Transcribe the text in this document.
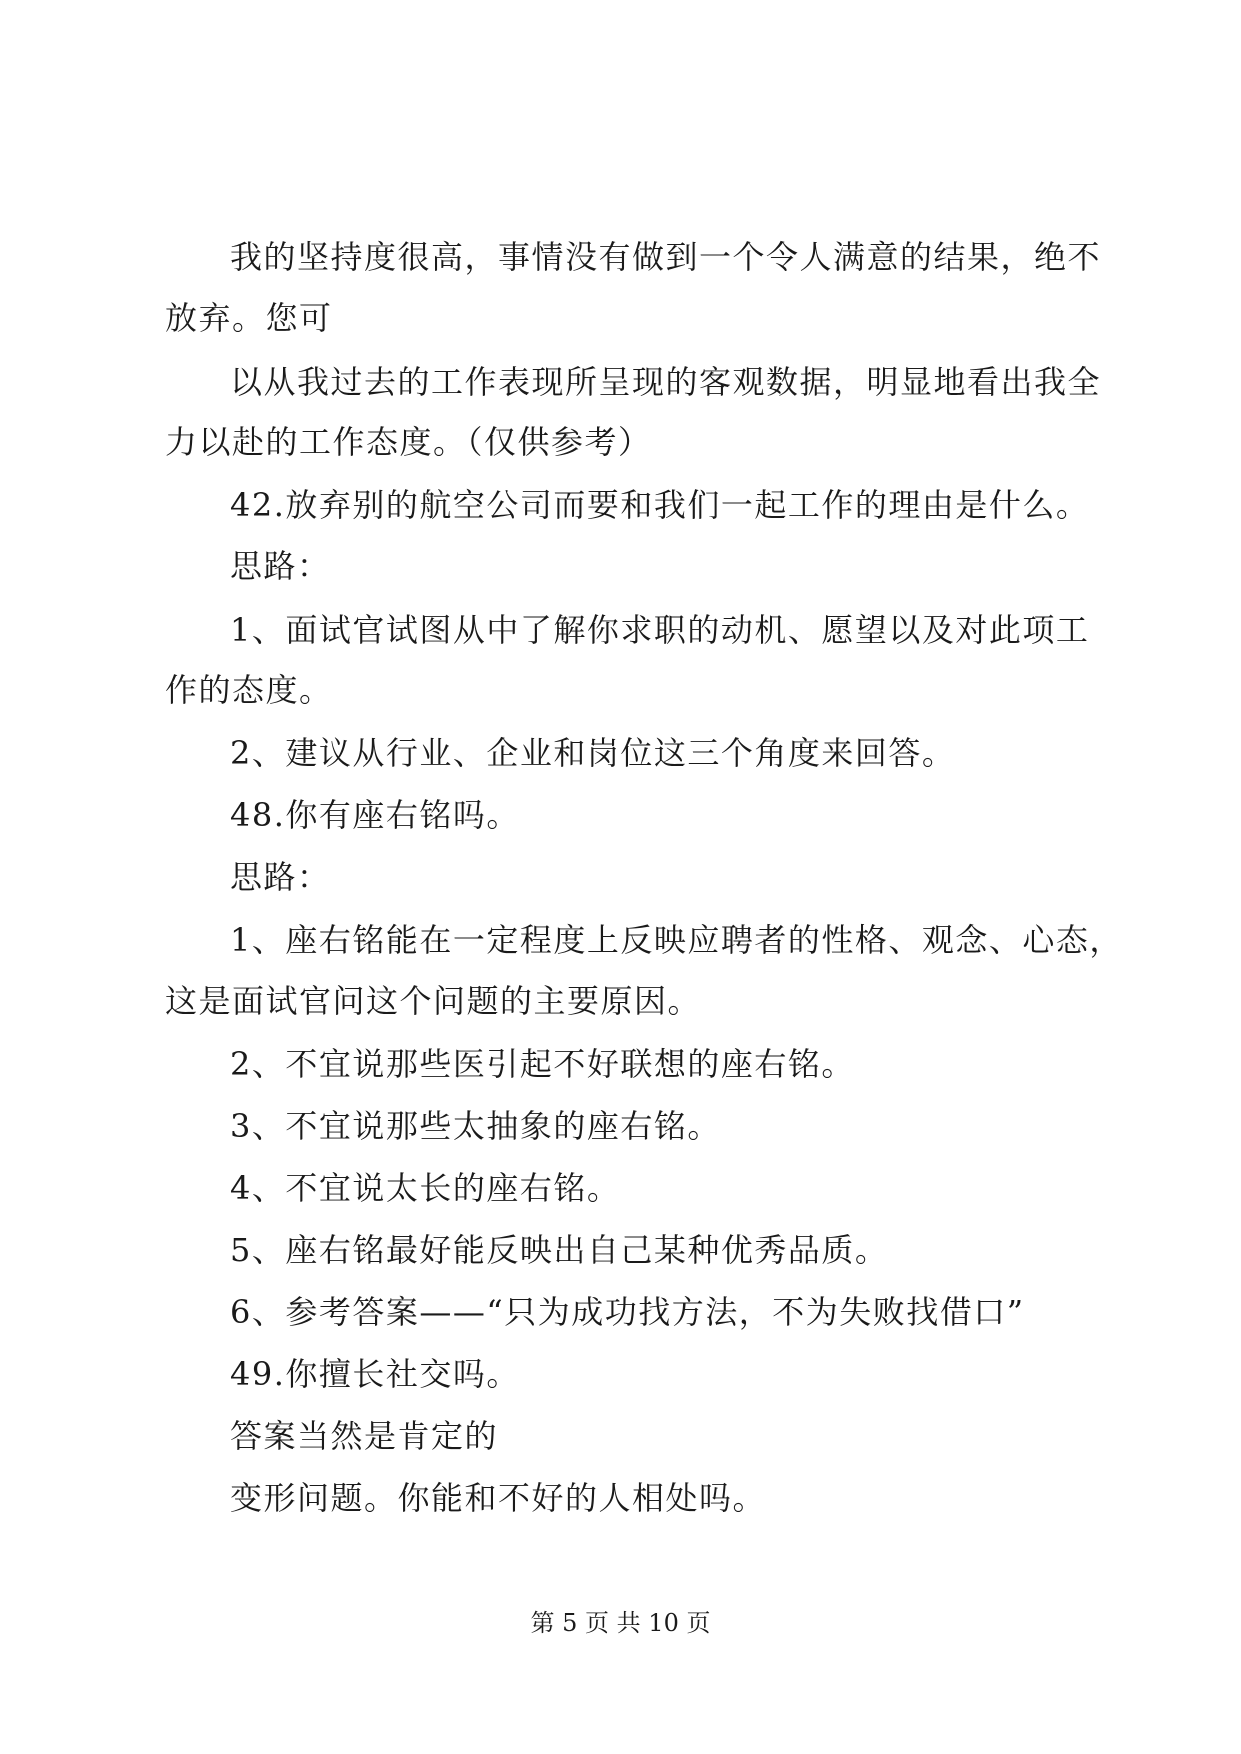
我的坚持度很高，事情没有做到一个令人满意的结果，绝不
放弃。您可
以从我过去的工作表现所呈现的客观数据，明显地看出我全
力以赴的工作态度。（仅供参考）
42.放弃别的航空公司而要和我们一起工作的理由是什么。
思路：
1、面试官试图从中了解你求职的动机、愿望以及对此项工
作的态度。
2、建议从行业、企业和岗位这三个角度来回答。
48.你有座右铭吗。
思路：
1、座右铭能在一定程度上反映应聘者的性格、观念、心态，
这是面试官问这个问题的主要原因。
2、不宜说那些医引起不好联想的座右铭。
3、不宜说那些太抽象的座右铭。
4、不宜说太长的座右铭。
5、座右铭最好能反映出自己某种优秀品质。
6、参考答案——“只为成功找方法，不为失败找借口”
49.你擅长社交吗。
答案当然是肯定的
变形问题。你能和不好的人相处吗。
第 5 页 共 10 页
